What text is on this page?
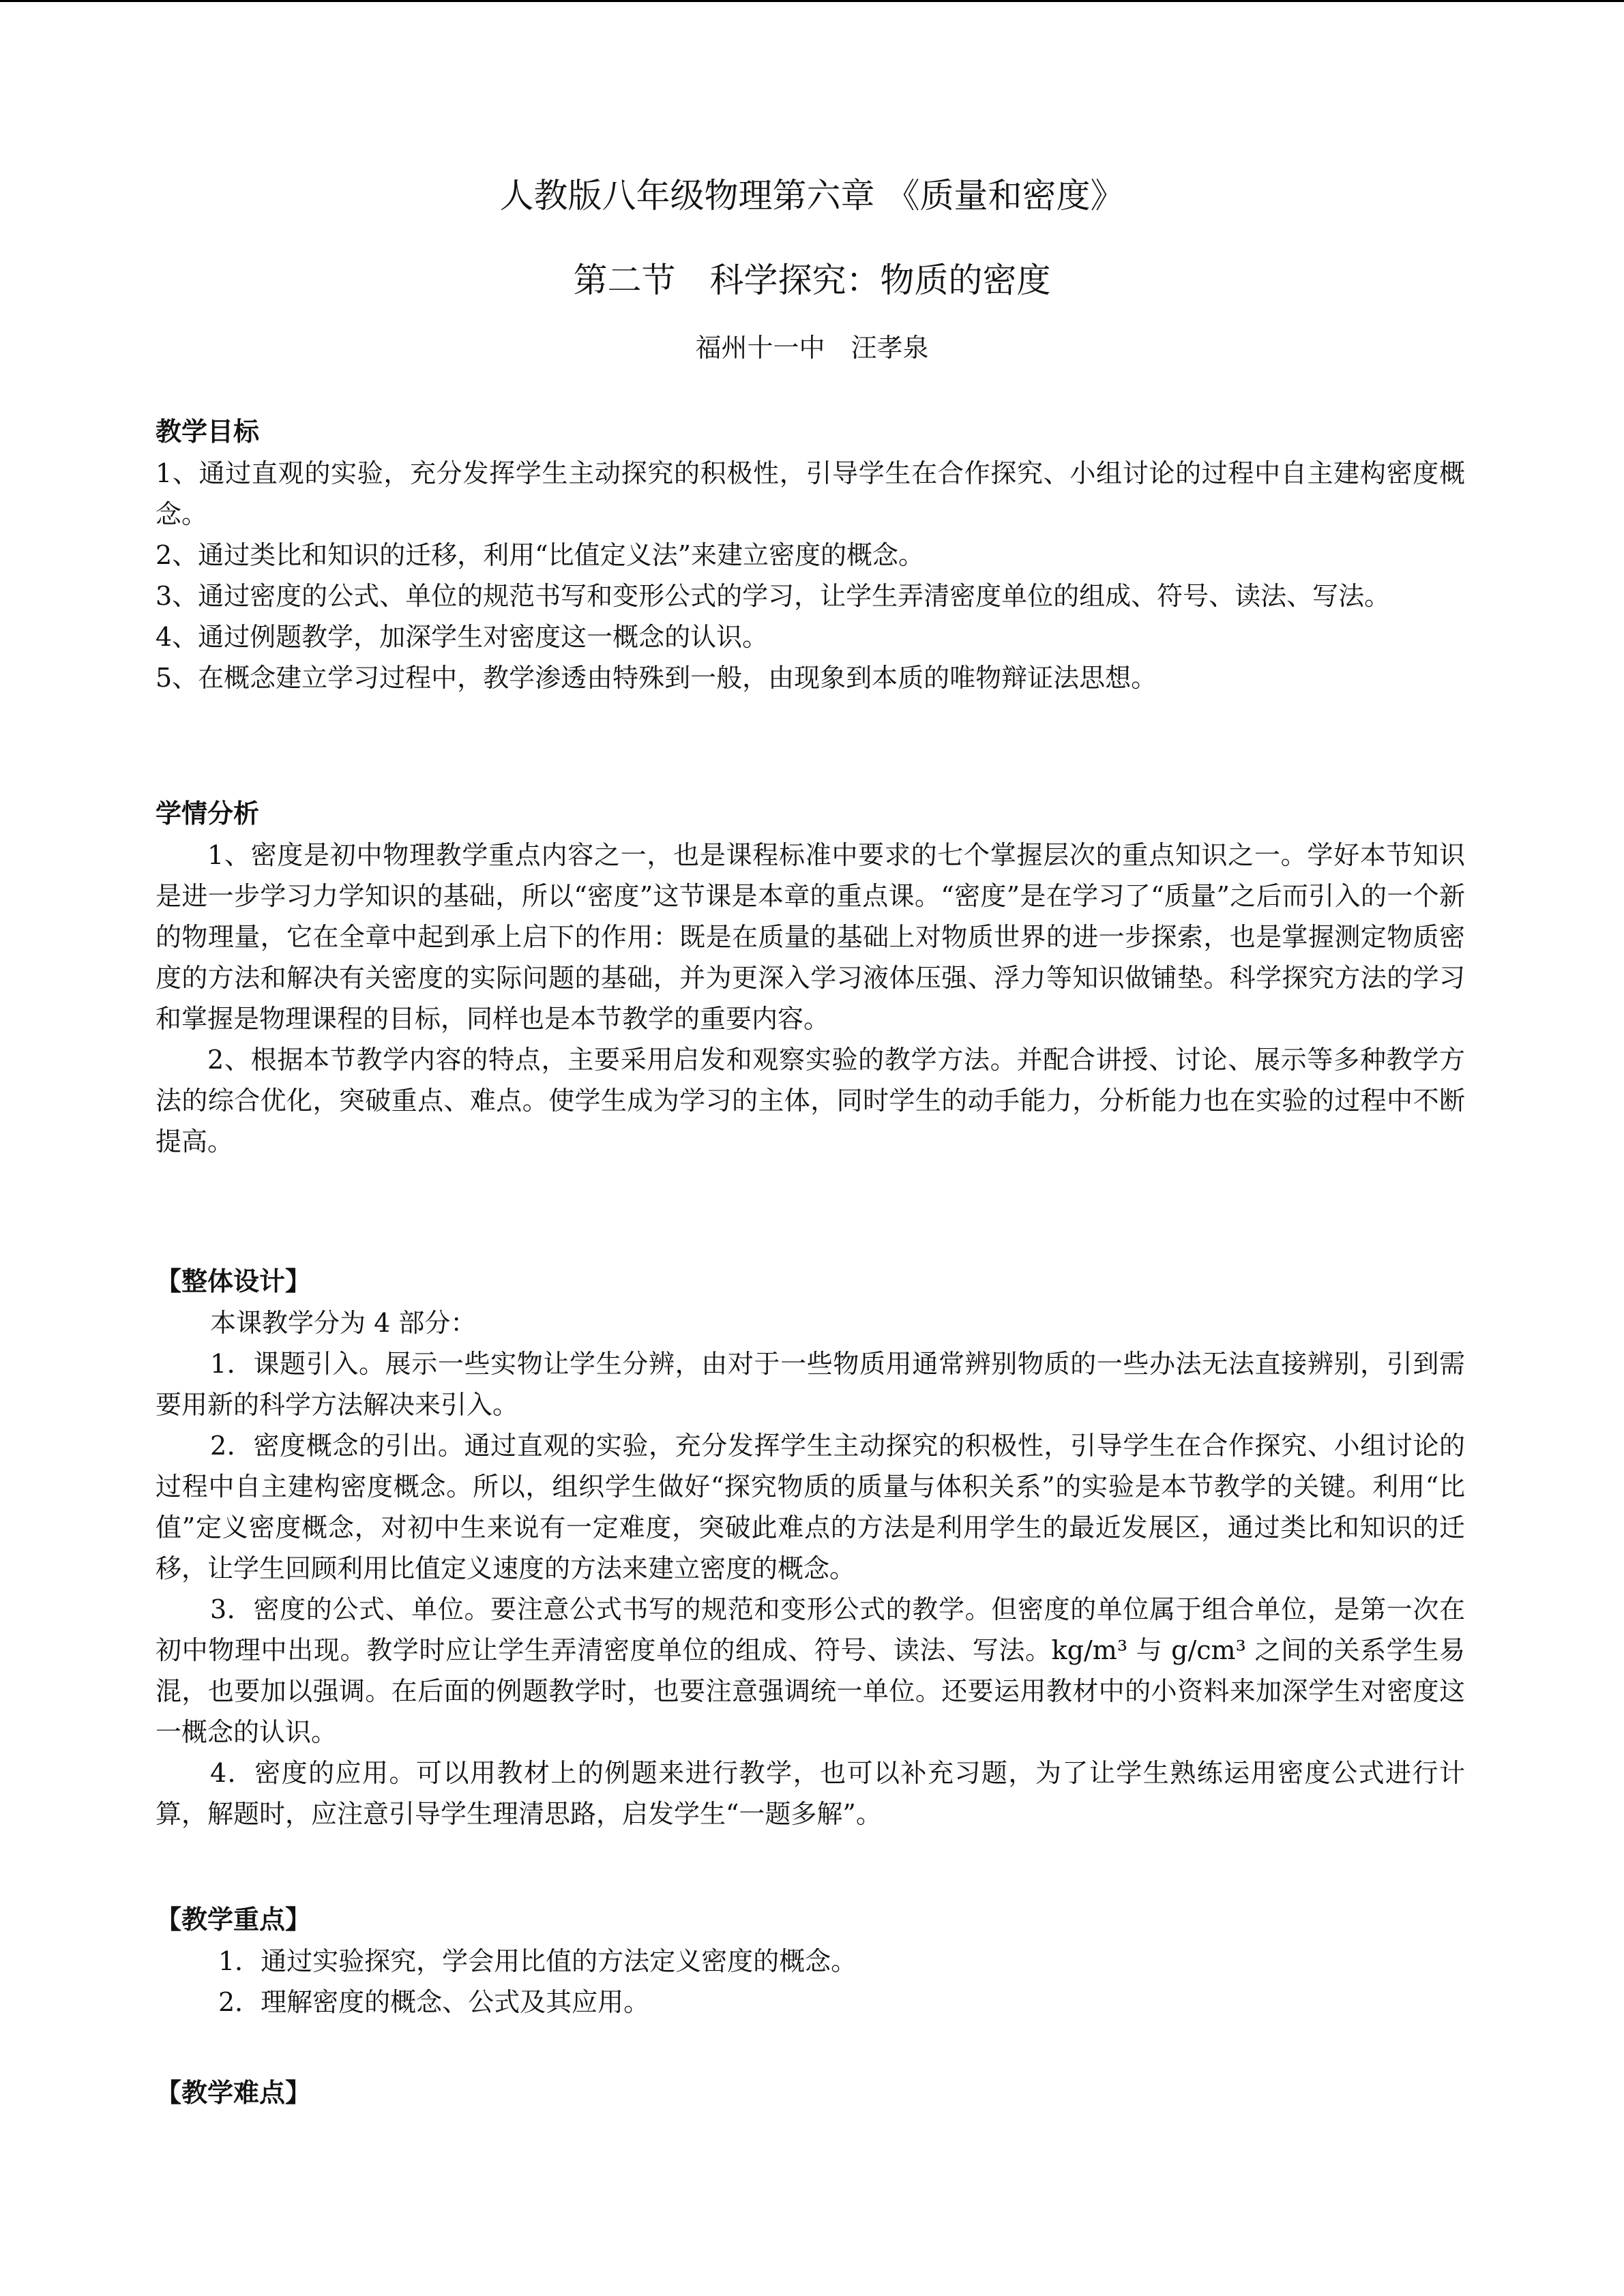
人教版八年级物理第六章 《质量和密度》
第二节　科学探究：物质的密度
福州十一中　汪孝泉
教学目标

1、通过直观的实验，充分发挥学生主动探究的积极性，引导学生在合作探究、小组讨论的过程中自主建构密度概念。

2、通过类比和知识的迁移，利用“比值定义法”来建立密度的概念。

3、通过密度的公式、单位的规范书写和变形公式的学习，让学生弄清密度单位的组成、符号、读法、写法。

4、通过例题教学，加深学生对密度这一概念的认识。

5、在概念建立学习过程中，教学渗透由特殊到一般，由现象到本质的唯物辩证法思想。

学情分析

1、密度是初中物理教学重点内容之一，也是课程标准中要求的七个掌握层次的重点知识之一。学好本节知识是进一步学习力学知识的基础，所以“密度”这节课是本章的重点课。“密度”是在学习了“质量”之后而引入的一个新的物理量，它在全章中起到承上启下的作用：既是在质量的基础上对物质世界的进一步探索，也是掌握测定物质密度的方法和解决有关密度的实际问题的基础，并为更深入学习液体压强、浮力等知识做铺垫。科学探究方法的学习和掌握是物理课程的目标，同样也是本节教学的重要内容。

2、根据本节教学内容的特点，主要采用启发和观察实验的教学方法。并配合讲授、讨论、展示等多种教学方法的综合优化，突破重点、难点。使学生成为学习的主体，同时学生的动手能力，分析能力也在实验的过程中不断提高。

【整体设计】

本课教学分为 4 部分：

1．课题引入。展示一些实物让学生分辨，由对于一些物质用通常辨别物质的一些办法无法直接辨别，引到需要用新的科学方法解决来引入。

2．密度概念的引出。通过直观的实验，充分发挥学生主动探究的积极性，引导学生在合作探究、小组讨论的过程中自主建构密度概念。所以，组织学生做好“探究物质的质量与体积关系”的实验是本节教学的关键。利用“比值”定义密度概念，对初中生来说有一定难度，突破此难点的方法是利用学生的最近发展区，通过类比和知识的迁移，让学生回顾利用比值定义速度的方法来建立密度的概念。

3．密度的公式、单位。要注意公式书写的规范和变形公式的教学。但密度的单位属于组合单位，是第一次在初中物理中出现。教学时应让学生弄清密度单位的组成、符号、读法、写法。kg/m³ 与 g/cm³ 之间的关系学生易混，也要加以强调。在后面的例题教学时，也要注意强调统一单位。还要运用教材中的小资料来加深学生对密度这一概念的认识。

4．密度的应用。可以用教材上的例题来进行教学，也可以补充习题，为了让学生熟练运用密度公式进行计算，解题时，应注意引导学生理清思路，启发学生“一题多解”。

【教学重点】

1．通过实验探究，学会用比值的方法定义密度的概念。

2．理解密度的概念、公式及其应用。

【教学难点】
